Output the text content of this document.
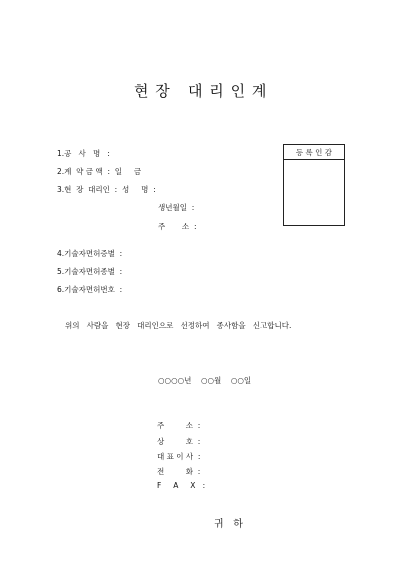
현 장   대 리 인 계
1.공   사   명   :
2.계  약 금 액  :  일     금
3.현  장  대리인  :  성     명  :
생년월일  :
주       소  :
4.기술자면허증별  :
5.기술자면허종별  :
6.기술자면허번호  :
등 록 인 감
위의   사람을   현장   대리인으로   선정하여   종사함을   신고합니다.
○○○○년    ○○월    ○○일
주         소  :
상         호  :
대 표 이 사  :
전         화  :
F     A     X   :
귀   하
